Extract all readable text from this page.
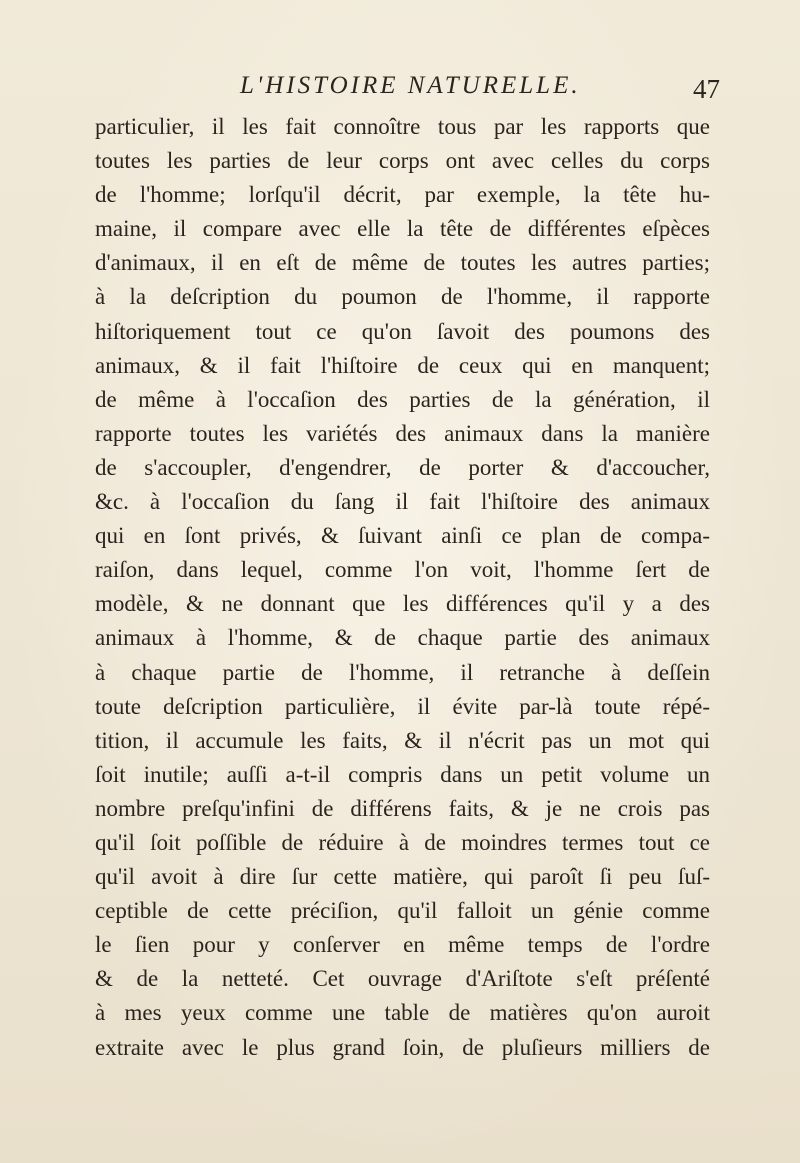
L'HISTOIRE NATURELLE.	47
particulier, il les fait connoître tous par les rapports que
toutes les parties de leur corps ont avec celles du corps
de l'homme; lorſqu'il décrit, par exemple, la tête hu-
maine, il compare avec elle la tête de différentes eſpèces
d'animaux, il en eſt de même de toutes les autres parties;
à la deſcription du poumon de l'homme, il rapporte
hiſtoriquement tout ce qu'on ſavoit des poumons des
animaux, & il fait l'hiſtoire de ceux qui en manquent;
de même à l'occaſion des parties de la génération, il
rapporte toutes les variétés des animaux dans la manière
de s'accoupler, d'engendrer, de porter & d'accoucher,
&c. à l'occaſion du ſang il fait l'hiſtoire des animaux
qui en ſont privés, & ſuivant ainſi ce plan de compa-
raiſon, dans lequel, comme l'on voit, l'homme ſert de
modèle, & ne donnant que les différences qu'il y a des
animaux à l'homme, & de chaque partie des animaux
à chaque partie de l'homme, il retranche à deſſein
toute deſcription particulière, il évite par-là toute répé-
tition, il accumule les faits, & il n'écrit pas un mot qui
ſoit inutile; auſſi a-t-il compris dans un petit volume un
nombre preſqu'infini de différens faits, & je ne crois pas
qu'il ſoit poſſible de réduire à de moindres termes tout ce
qu'il avoit à dire ſur cette matière, qui paroît ſi peu ſuſ-
ceptible de cette préciſion, qu'il falloit un génie comme
le ſien pour y conſerver en même temps de l'ordre
& de la netteté. Cet ouvrage d'Ariſtote s'eſt préſenté
à mes yeux comme une table de matières qu'on auroit
extraite avec le plus grand ſoin, de pluſieurs milliers de
